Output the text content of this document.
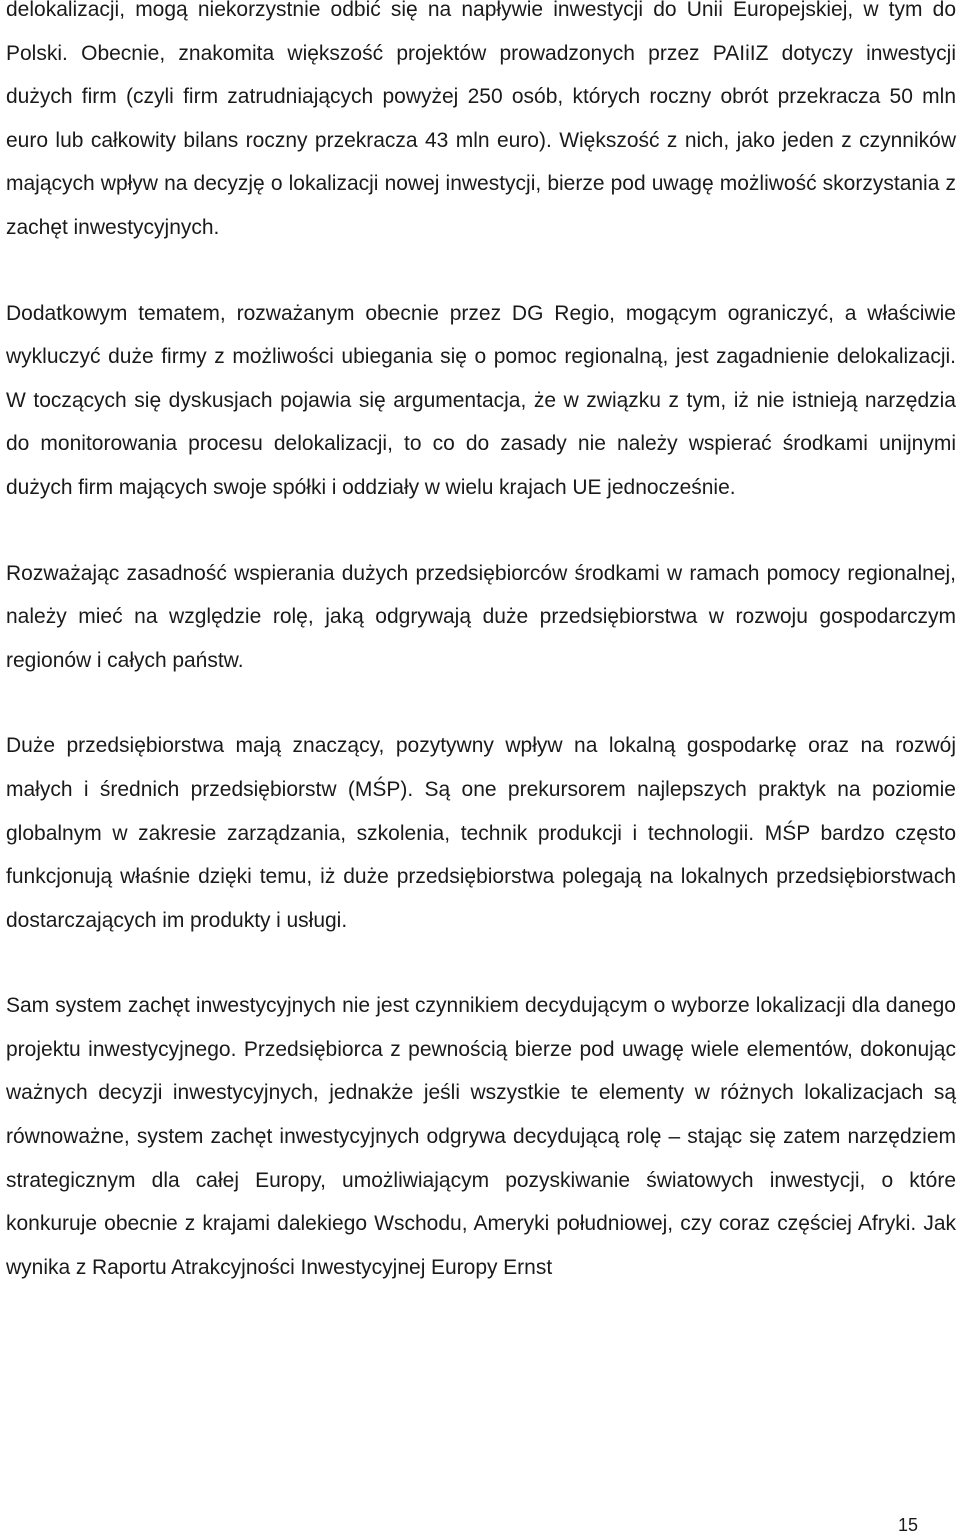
delokalizacji, mogą niekorzystnie odbić się na napływie inwestycji do Unii Europejskiej, w tym do Polski. Obecnie, znakomita większość projektów prowadzonych przez PAIiIZ dotyczy inwestycji dużych firm (czyli firm zatrudniających powyżej 250 osób, których roczny obrót przekracza 50 mln euro lub całkowity bilans roczny przekracza 43 mln euro). Większość z nich, jako jeden z czynników mających wpływ na decyzję o lokalizacji nowej inwestycji, bierze pod uwagę możliwość skorzystania z zachęt inwestycyjnych.

Dodatkowym tematem, rozważanym obecnie przez DG Regio, mogącym ograniczyć, a właściwie wykluczyć duże firmy z możliwości ubiegania się o pomoc regionalną, jest zagadnienie delokalizacji. W toczących się dyskusjach pojawia się argumentacja, że w związku z tym, iż nie istnieją narzędzia do monitorowania procesu delokalizacji, to co do zasady nie należy wspierać środkami unijnymi dużych firm mających swoje spółki i oddziały w wielu krajach UE jednocześnie.

Rozważając zasadność wspierania dużych przedsiębiorców środkami w ramach pomocy regionalnej, należy mieć na względzie rolę, jaką odgrywają duże przedsiębiorstwa w rozwoju gospodarczym regionów i całych państw.

Duże przedsiębiorstwa mają znaczący, pozytywny wpływ na lokalną gospodarkę oraz na rozwój małych i średnich przedsiębiorstw (MŚP). Są one prekursorem najlepszych praktyk na poziomie globalnym w zakresie zarządzania, szkolenia, technik produkcji i technologii. MŚP bardzo często funkcjonują właśnie dzięki temu, iż duże przedsiębiorstwa polegają na lokalnych przedsiębiorstwach dostarczających im produkty i usługi.

Sam system zachęt inwestycyjnych nie jest czynnikiem decydującym o wyborze lokalizacji dla danego projektu inwestycyjnego. Przedsiębiorca z pewnością bierze pod uwagę wiele elementów, dokonując ważnych decyzji inwestycyjnych, jednakże jeśli wszystkie te elementy w różnych lokalizacjach są równoważne, system zachęt inwestycyjnych odgrywa decydującą rolę – stając się zatem narzędziem strategicznym dla całej Europy, umożliwiającym pozyskiwanie światowych inwestycji, o które konkuruje obecnie z krajami dalekiego Wschodu, Ameryki południowej, czy coraz częściej Afryki. Jak wynika z Raportu Atrakcyjności Inwestycyjnej Europy Ernst

15
